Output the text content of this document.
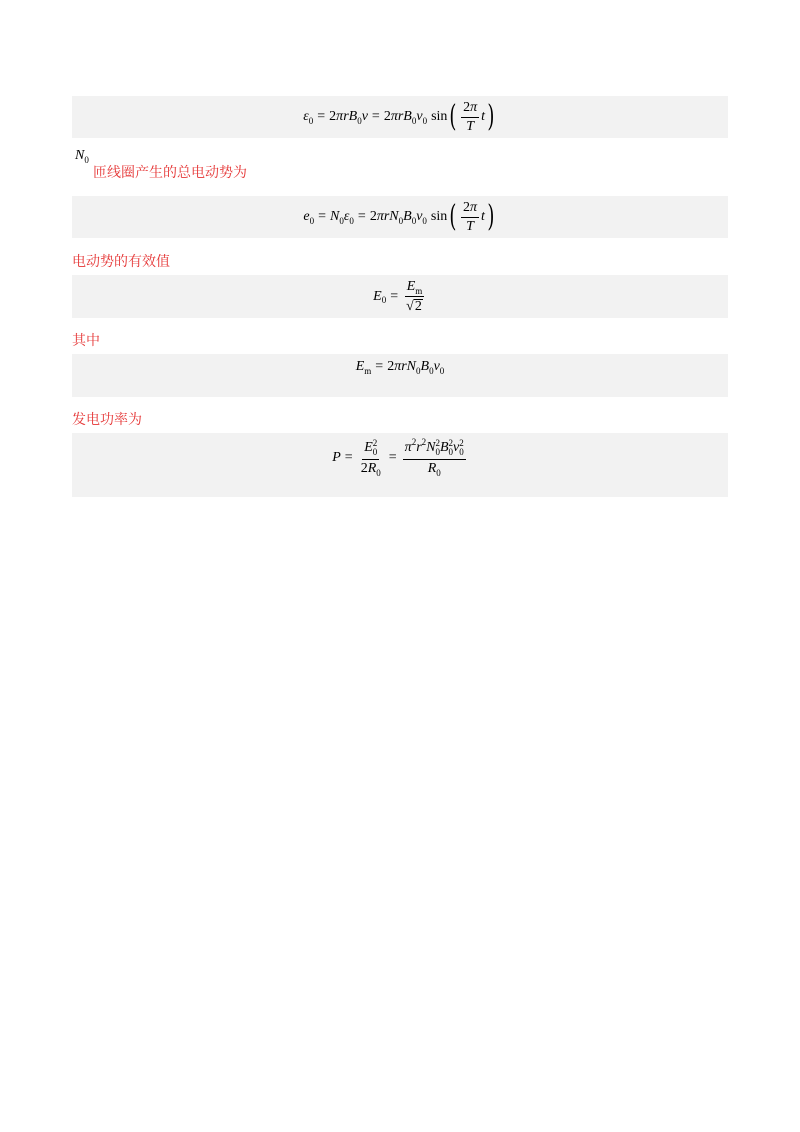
ε 0 = 2 π r B 0 v = 2 π r B 0 v 0 sin ( $\frac{2\pi}{T}$ t )
$N_0$
匝线圈产生的总电动势为
e 0 = N 0 ε 0 = 2 π r N 0 B 0 v 0 sin ( $\frac{2\pi}{T}$ t )
电动势的有效值
E $0 = \frac{E_m}{√ 2}$
其中
E m = 2 π r N 0 B 0 v 0
发电功率为
P = E 2
0
$2R_0 = \pi^2r^2N$ 2
0 B 2
0 v 2
0
$R_0$
